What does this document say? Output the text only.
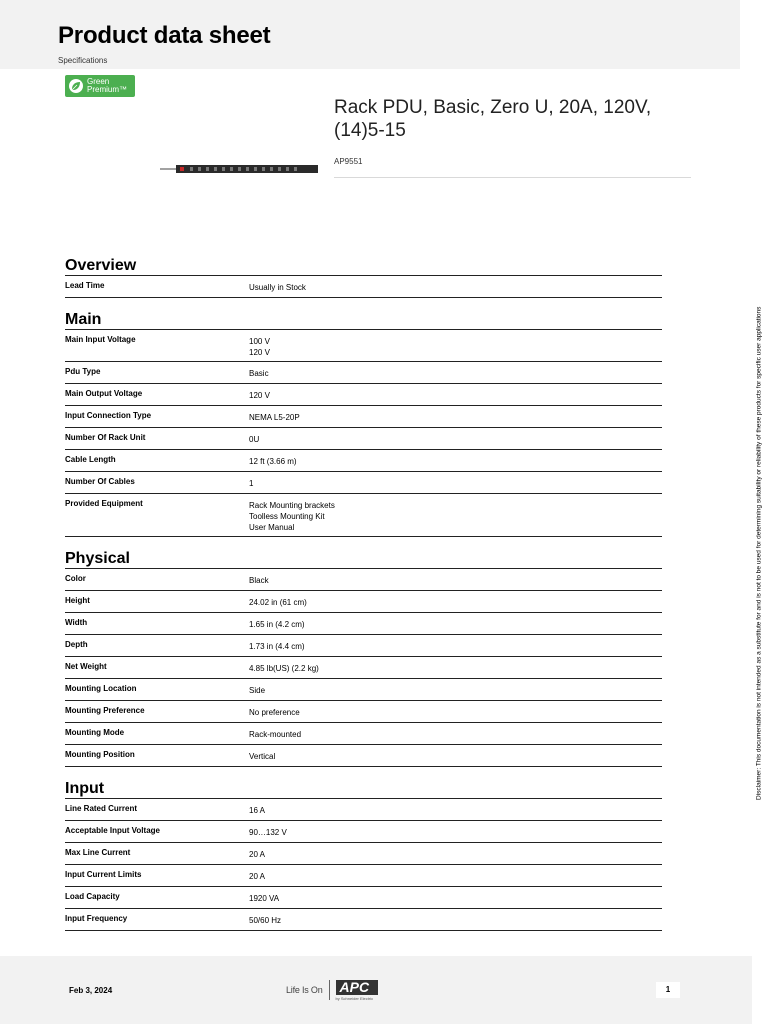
Product data sheet
Specifications
Green
Premium™
Rack PDU, Basic, Zero U, 20A, 120V, (14)5-15
AP9551
Overview
Lead Time	Usually in Stock
Main
Main Input Voltage	100 V
120 V
Pdu Type	Basic
Main Output Voltage	120 V
Input Connection Type	NEMA L5-20P
Number Of Rack Unit	0U
Cable Length	12 ft (3.66 m)
Number Of Cables	1
Provided Equipment	Rack Mounting brackets
Toolless Mounting Kit
User Manual
Physical
Color	Black
Height	24.02 in (61 cm)
Width	1.65 in (4.2 cm)
Depth	1.73 in (4.4 cm)
Net Weight	4.85 lb(US) (2.2 kg)
Mounting Location	Side
Mounting Preference	No preference
Mounting Mode	Rack-mounted
Mounting Position	Vertical
Input
Line Rated Current	16 A
Acceptable Input Voltage	90…132 V
Max Line Current	20 A
Input Current Limits	20 A
Load Capacity	1920 VA
Input Frequency	50/60 Hz
Disclaimer: This documentation is not intended as a substitute for and is not to be used for determining suitability or reliability of these products for specific user applications
Feb 3, 2024	Life Is On APC
by Schneider Electric
1
